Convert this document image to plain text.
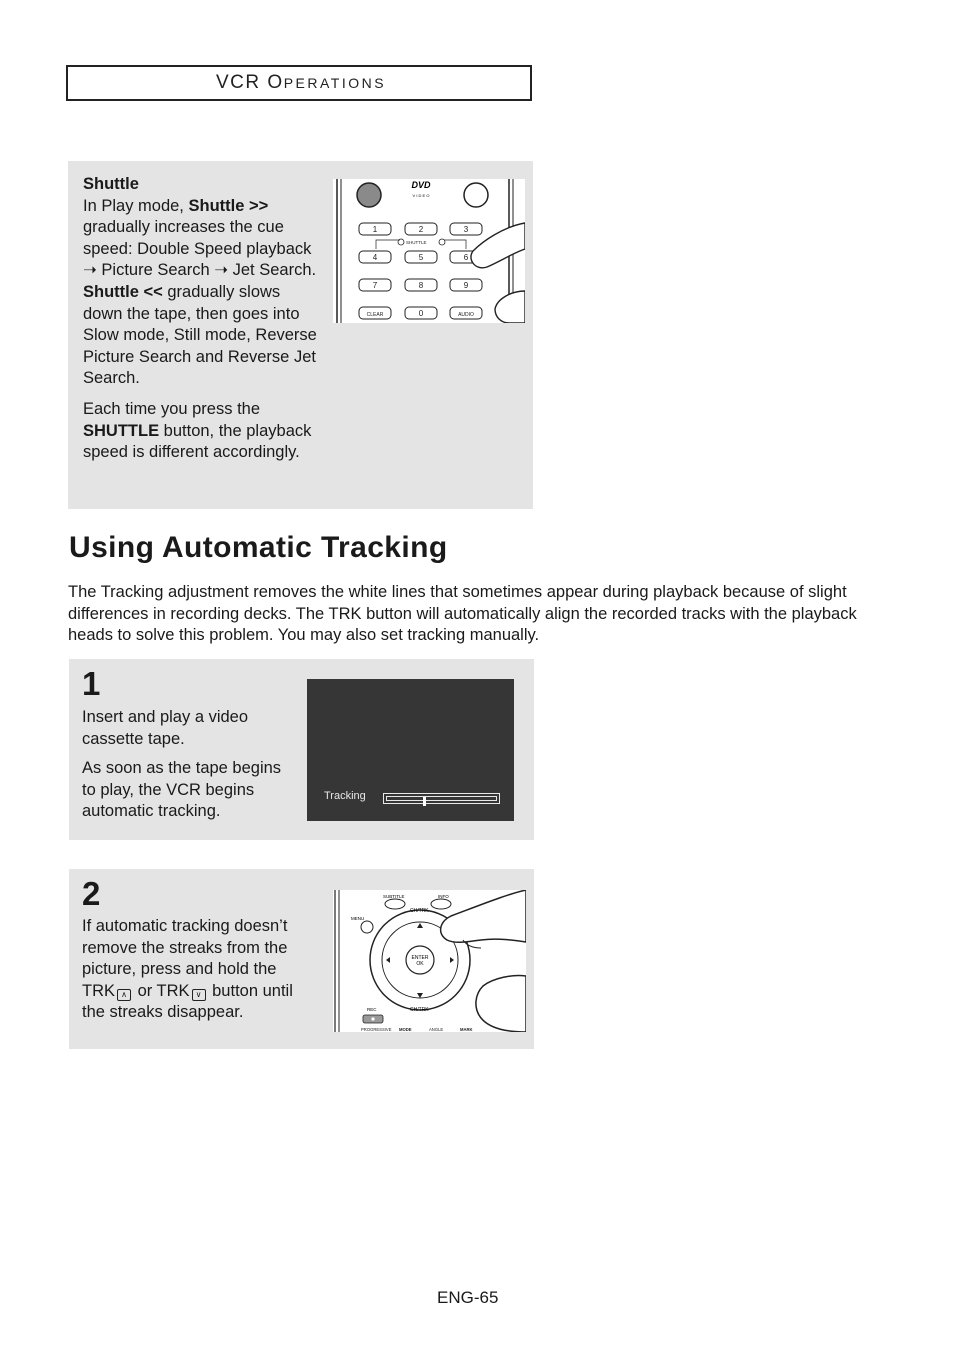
VCR
O PERATIONS

Shuttle

In Play mode, Shuttle >> gradually increases the cue speed: Double Speed playback ➝ Picture Search ➝ Jet Search.

Shuttle << gradually slows down the tape, then goes into Slow mode, Still mode, Reverse Picture Search and Reverse Jet Search.

Each time you press the SHUTTLE button, the playback speed is different accordingly.

DVD
V I D E O
1	2	3
4	5	6
7	8	9
CLEAR	0	AUDIO
SHUTTLE
Using Automatic Tracking

The Tracking adjustment removes the white lines that sometimes appear during playback because of slight differences in recording decks. The TRK button will automatically align the recorded tracks with the playback heads to solve this problem. You may also set tracking manually.

1

Insert and play a video cassette tape.

As soon as the tape begins to play, the VCR begins automatic tracking.

Tracking
2

If automatic tracking doesn’t remove the streaks from the picture, press and hold the TRK ∧ or TRK ∨ button until the streaks disappear.

SUBTITLE	INFO
MENU
ENTER
OK
CH/TRK
CH/TRK
REC
PROGRESSIVE MODE	ANGLE	MARK
ENG-65
